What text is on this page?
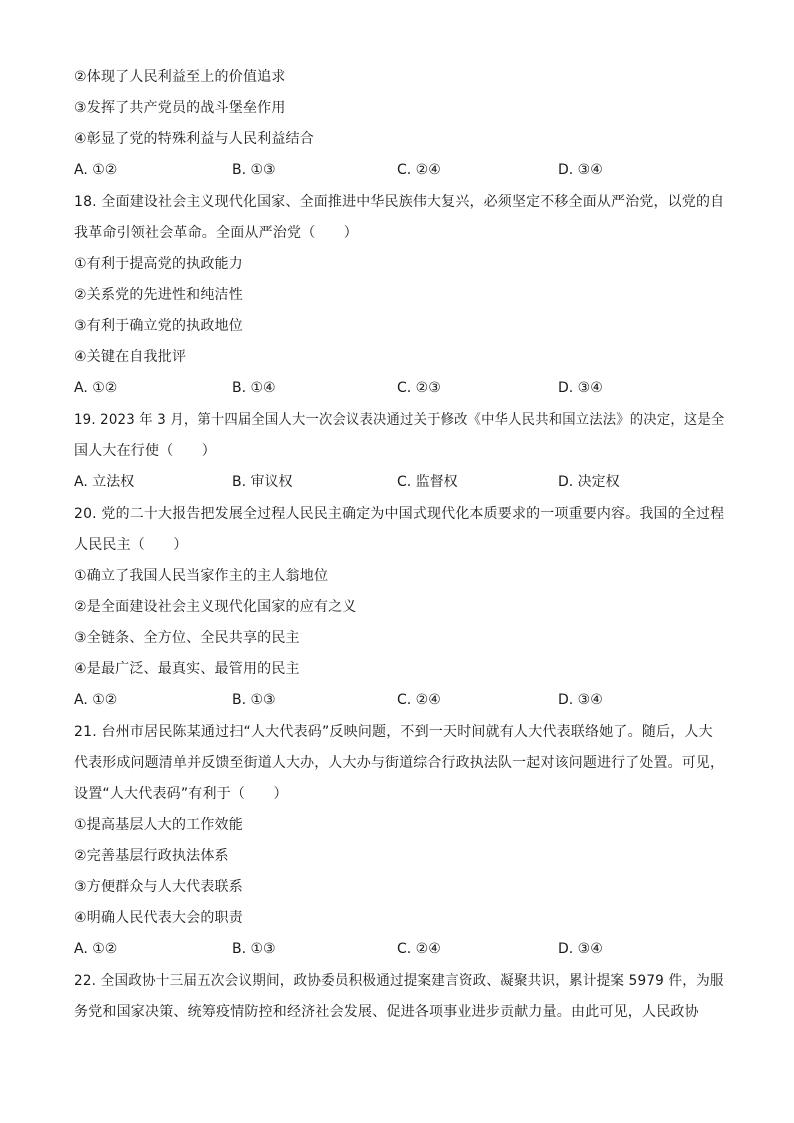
②体现了人民利益至上的价值追求
③发挥了共产党员的战斗堡垒作用
④彰显了党的特殊利益与人民利益结合
A. ①②	B. ①③	C. ②④	D. ③④
18. 全面建设社会主义现代化国家、全面推进中华民族伟大复兴，必须坚定不移全面从严治党，以党的自
我革命引领社会革命。全面从严治党（　　）
①有利于提高党的执政能力
②关系党的先进性和纯洁性
③有利于确立党的执政地位
④关键在自我批评
A. ①②	B. ①④	C. ②③	D. ③④
19. 2023 年 3 月，第十四届全国人大一次会议表决通过关于修改《中华人民共和国立法法》的决定，这是全
国人大在行使（　　）
A. 立法权	B. 审议权	C. 监督权	D. 决定权
20. 党的二十大报告把发展全过程人民民主确定为中国式现代化本质要求的一项重要内容。我国的全过程
人民民主（　　）
①确立了我国人民当家作主的主人翁地位
②是全面建设社会主义现代化国家的应有之义
③全链条、全方位、全民共享的民主
④是最广泛、最真实、最管用的民主
A. ①②	B. ①③	C. ②④	D. ③④
21. 台州市居民陈某通过扫“人大代表码”反映问题，不到一天时间就有人大代表联络她了。随后，人大
代表形成问题清单并反馈至街道人大办，人大办与街道综合行政执法队一起对该问题进行了处置。可见，
设置“人大代表码”有利于（　　）
①提高基层人大的工作效能
②完善基层行政执法体系
③方便群众与人大代表联系
④明确人民代表大会的职责
A. ①②	B. ①③	C. ②④	D. ③④
22. 全国政协十三届五次会议期间，政协委员积极通过提案建言资政、凝聚共识，累计提案 5979 件，为服
务党和国家决策、统筹疫情防控和经济社会发展、促进各项事业进步贡献力量。由此可见，人民政协
